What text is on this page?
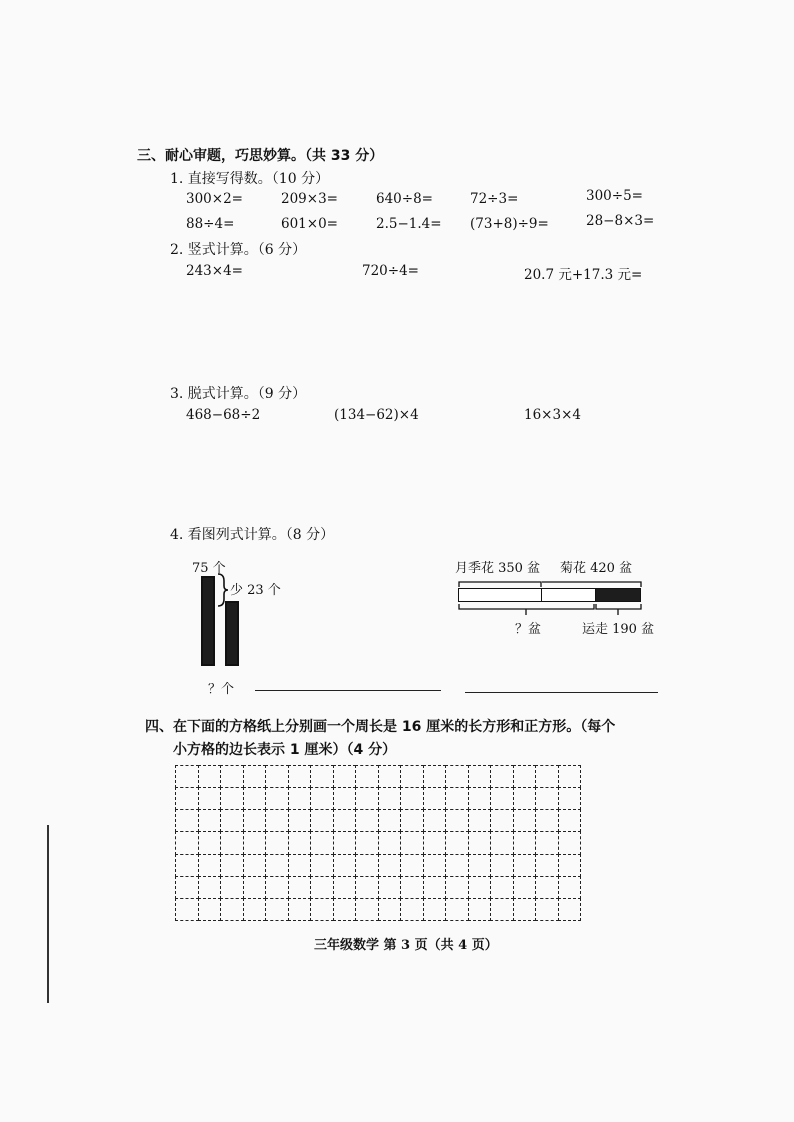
三、耐心审题，巧思妙算。（共 33 分）
1. 直接写得数。（10 分）
300×2=	209×3=	640÷8=	72÷3=	300÷5=
88÷4=	601×0=	2.5−1.4= (73+8)÷9=	28−8×3=
2. 竖式计算。（6 分）
243×4=	720÷4=	20.7 元+17.3 元=
3. 脱式计算。（9 分）
468−68÷2	(134−62)×4	16×3×4
4. 看图列式计算。（8 分）
75 个
少 23 个
？个
月季花 350 盆 菊花 420 盆
？盆	运走 190 盆
四、在下面的方格纸上分别画一个周长是 16 厘米的长方形和正方形。（每个
小方格的边长表示 1 厘米）（4 分）
三年级数学 第 3 页（共 4 页）
